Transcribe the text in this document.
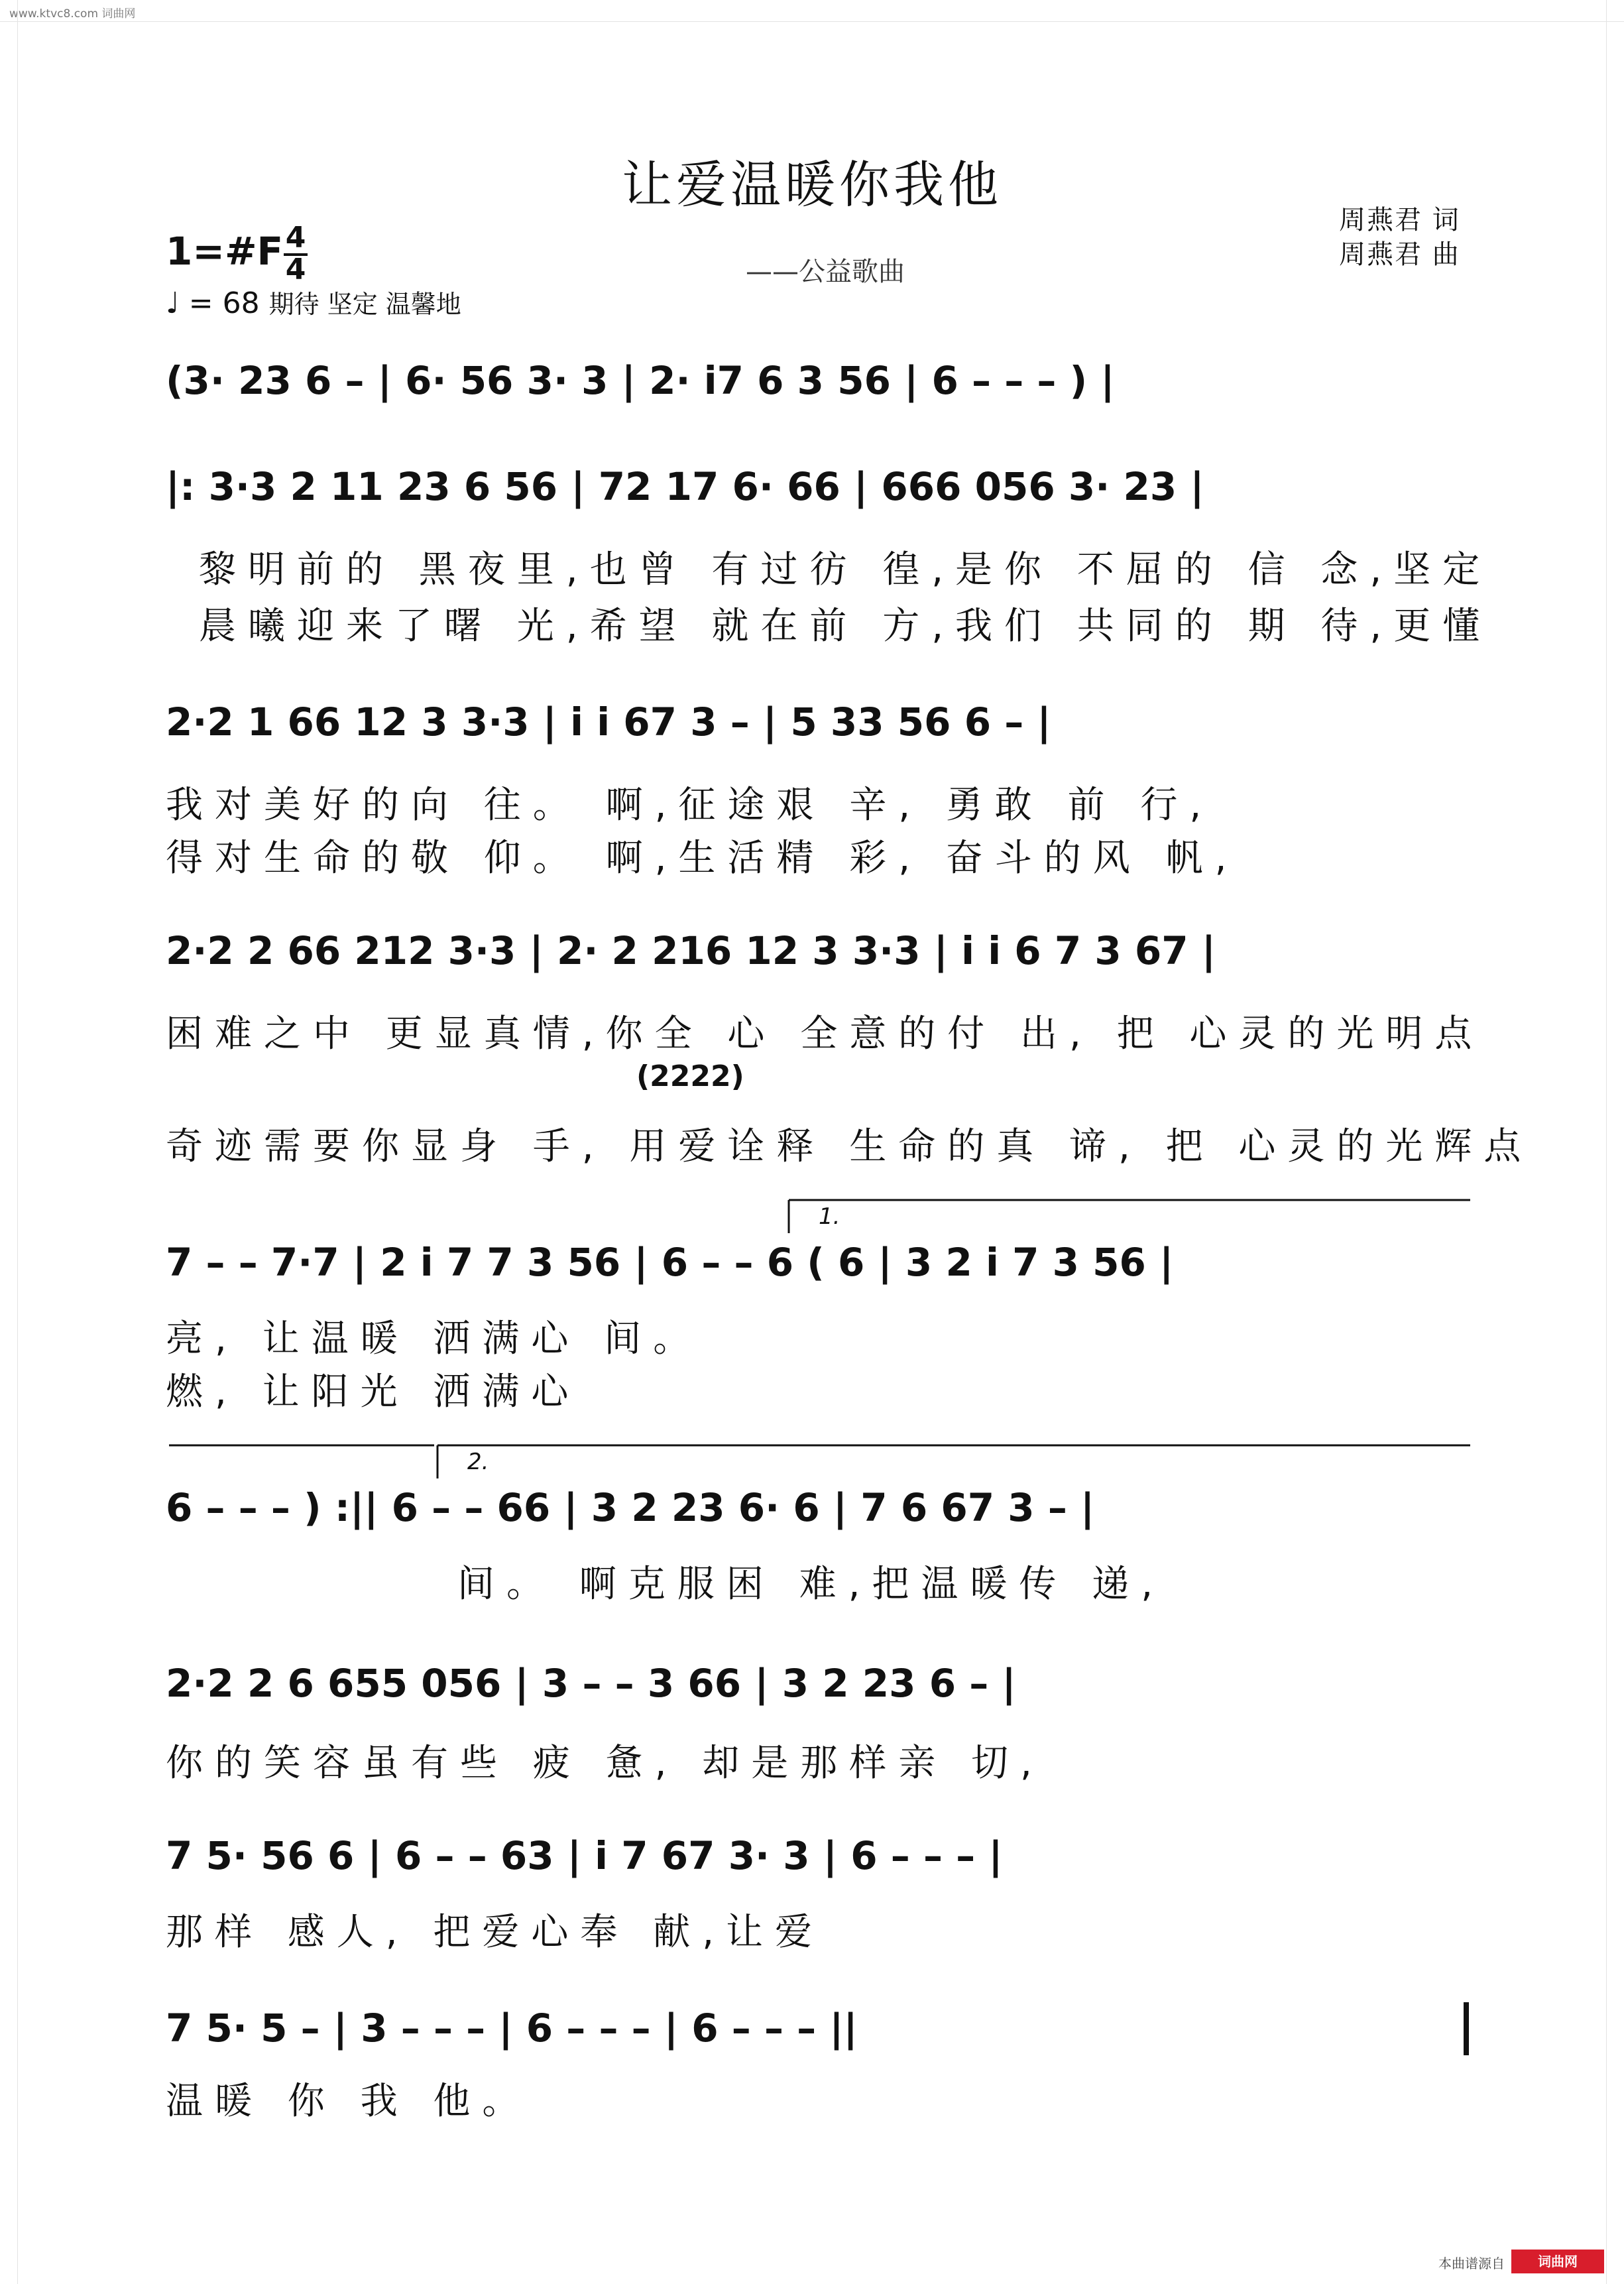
www.ktvc8.com 词曲网
让爱温暖你我他
——公益歌曲
周燕君 词
周燕君 曲
1=#F 4
4
♩ = 68 期待 坚定 温馨地
(3· 23 6 – | 6· 56 3· 3 | 2· i7 6 3 56 | 6 – – – ) |
|: 3·3 2 11 23 6 56 | 72 17 6· 66 | 666 056 3· 23 |
黎明前的 黑夜里,也曾 有过彷 徨,是你 不屈的 信 念,坚定
晨曦迎来了曙 光,希望 就在前 方,我们 共同的 期 待,更懂
2·2 1 66 12 3 3·3 | i i 67 3 – | 5 33 56 6 – |
我对美好的向 往。 啊,征途艰 辛, 勇敢 前 行,
得对生命的敬 仰。 啊,生活精 彩, 奋斗的风 帆,
2·2 2 66 212 3·3 | 2· 2 216 12 3 3·3 | i i 6 7 3 67 |
困难之中 更显真情,你全 心 全意的付 出, 把 心灵的光明点
(2222)
奇迹需要你显身 手, 用爱诠释 生命的真 谛, 把 心灵的光辉点
1.
7 – – 7·7 | 2 i 7 7 3 56 | 6 – – 6 ( 6 | 3 2 i 7 3 56 |
亮, 让温暖 洒满心 间。
燃, 让阳光 洒满心
2.
6 – – – ) :|| 6 – – 66 | 3 2 23 6· 6 | 7 6 67 3 – |
间。 啊克服困 难,把温暖传 递,
2·2 2 6 655 056 | 3 – – 3 66 | 3 2 23 6 – |
你的笑容虽有些 疲 惫, 却是那样亲 切,
7 5· 56 6 | 6 – – 63 | i 7 67 3· 3 | 6 – – – |
那样 感人, 把爱心奉 献,让爱
7 5· 5 – | 3 – – – | 6 – – – | 6 – – – ||
温暖 你 我 他。
本曲谱源自	词曲网
